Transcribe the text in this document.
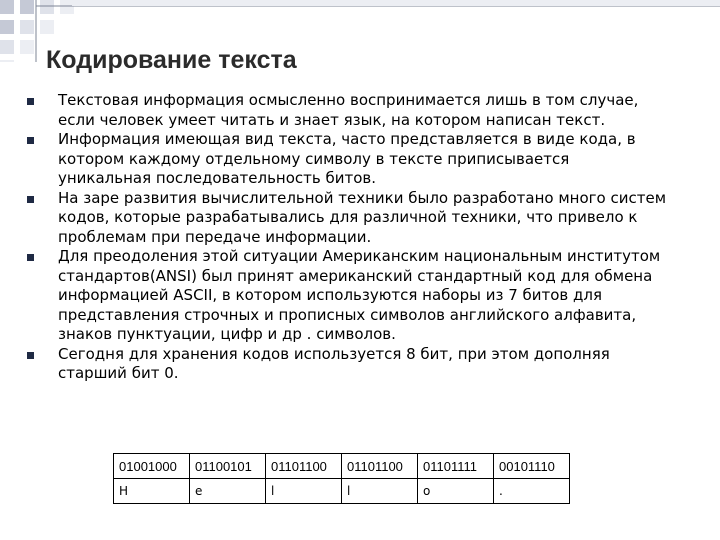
Кодирование текста
Текстовая информация осмысленно воспринимается лишь в том случае, если человек умеет читать и знает язык, на котором написан текст.
Информация имеющая вид текста, часто представляется в виде кода, в котором каждому отдельному символу в тексте приписывается уникальная последовательность битов.
На заре развития вычислительной техники было разработано много систем кодов, которые разрабатывались для различной техники, что привело к проблемам при передаче информации.
Для преодоления этой ситуации Американским национальным институтом стандартов(ANSI) был принят американский стандартный код для обмена информацией ASCII, в котором используются наборы из 7 битов для представления строчных и прописных символов английского алфавита, знаков пунктуации, цифр и др . символов.
Сегодня для хранения кодов используется 8 бит, при этом дополняя старший бит 0.
01001000	01100101	01101100	01101100	01101111	00101110
H	e	l	l	o	.
